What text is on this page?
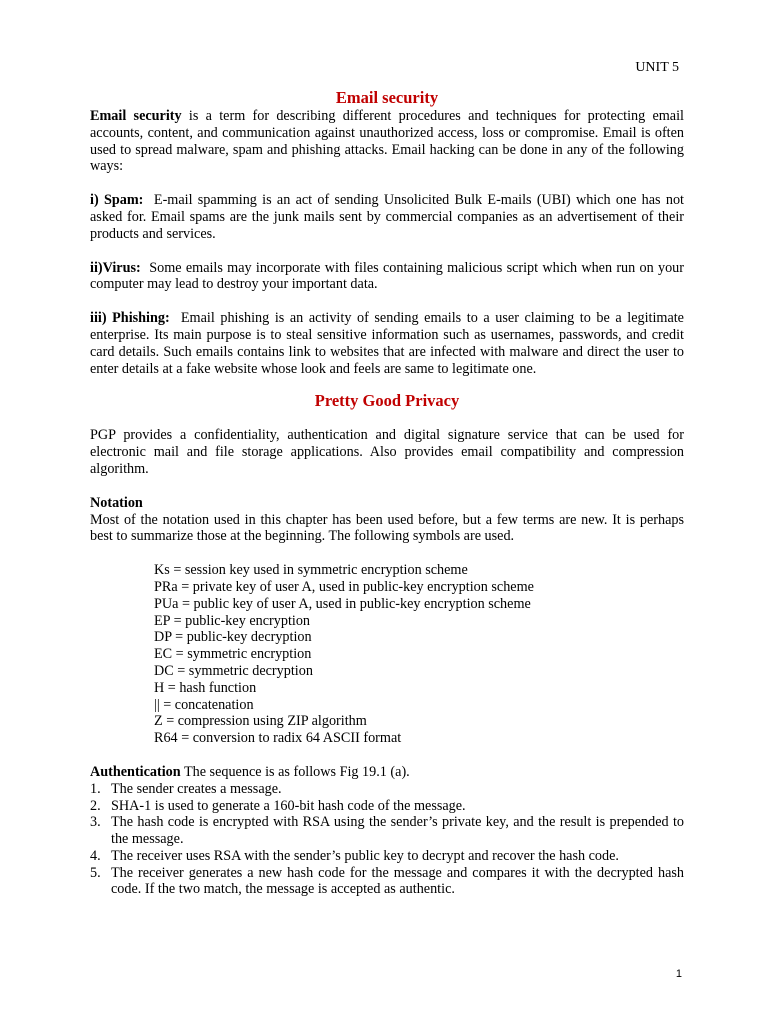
UNIT 5
Email security

Email security is a term for describing different procedures and techniques for protecting email accounts, content, and communication against unauthorized access, loss or compromise. Email is often used to spread malware, spam and phishing attacks. Email hacking can be done in any of the following ways:

i) Spam:  E-mail spamming is an act of sending Unsolicited Bulk E-mails (UBI) which one has not asked for. Email spams are the junk mails sent by commercial companies as an advertisement of their products and services.

ii)Virus:  Some emails may incorporate with files containing malicious script which when run on your computer may lead to destroy your important data.

iii) Phishing:  Email phishing is an activity of sending emails to a user claiming to be a legitimate enterprise. Its main purpose is to steal sensitive information such as usernames, passwords, and credit card details. Such emails contains link to websites that are infected with malware and direct the user to enter details at a fake website whose look and feels are same to legitimate one.

Pretty Good Privacy

PGP provides a confidentiality, authentication and digital signature service that can be used for electronic mail and file storage applications. Also provides email compatibility and compression algorithm.

Notation

Most of the notation used in this chapter has been used before, but a few terms are new. It is perhaps best to summarize those at the beginning. The following symbols are used.

Ks = session key used in symmetric encryption scheme
PRa = private key of user A, used in public-key encryption scheme
PUa = public key of user A, used in public-key encryption scheme
EP = public-key encryption
DP = public-key decryption
EC = symmetric encryption
DC = symmetric decryption
H = hash function
|| = concatenation
Z = compression using ZIP algorithm
R64 = conversion to radix 64 ASCII format

Authentication The sequence is as follows Fig 19.1 (a).

1. The sender creates a message.
2. SHA-1 is used to generate a 160-bit hash code of the message.
3. The hash code is encrypted with RSA using the sender’s private key, and the result is prepended to the message.
4. The receiver uses RSA with the sender’s public key to decrypt and recover the hash code.
5. The receiver generates a new hash code for the message and compares it with the decrypted hash code. If the two match, the message is accepted as authentic.
1
